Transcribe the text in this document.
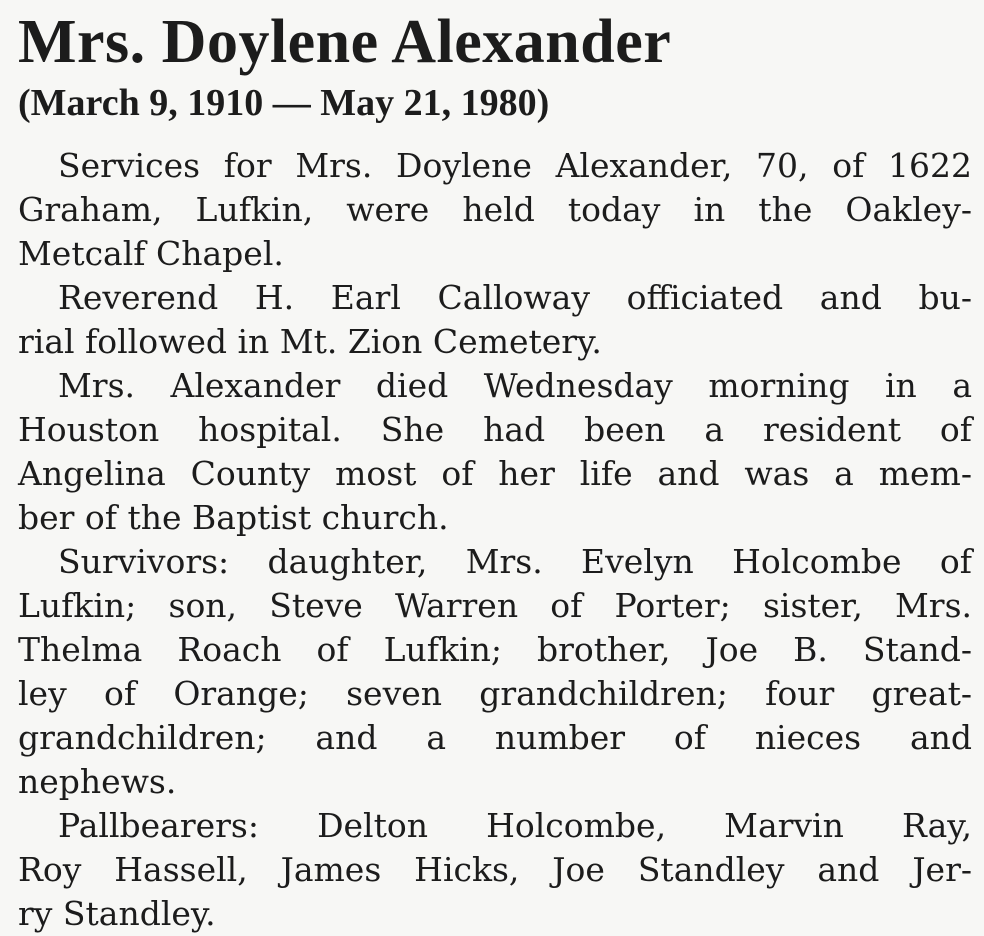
Mrs. Doylene Alexander

(March 9, 1910 — May 21, 1980)

Services for Mrs. Doylene Alexander, 70, of 1622
Graham, Lufkin, were held today in the Oakley-
Metcalf Chapel.
Reverend H. Earl Calloway officiated and bu-
rial followed in Mt. Zion Cemetery.
Mrs. Alexander died Wednesday morning in a
Houston hospital. She had been a resident of
Angelina County most of her life and was a mem-
ber of the Baptist church.
Survivors: daughter, Mrs. Evelyn Holcombe of
Lufkin; son, Steve Warren of Porter; sister, Mrs.
Thelma Roach of Lufkin; brother, Joe B. Stand-
ley of Orange; seven grandchildren; four great-
grandchildren; and a number of nieces and
nephews.
Pallbearers: Delton Holcombe, Marvin Ray,
Roy Hassell, James Hicks, Joe Standley and Jer-
ry Standley.
